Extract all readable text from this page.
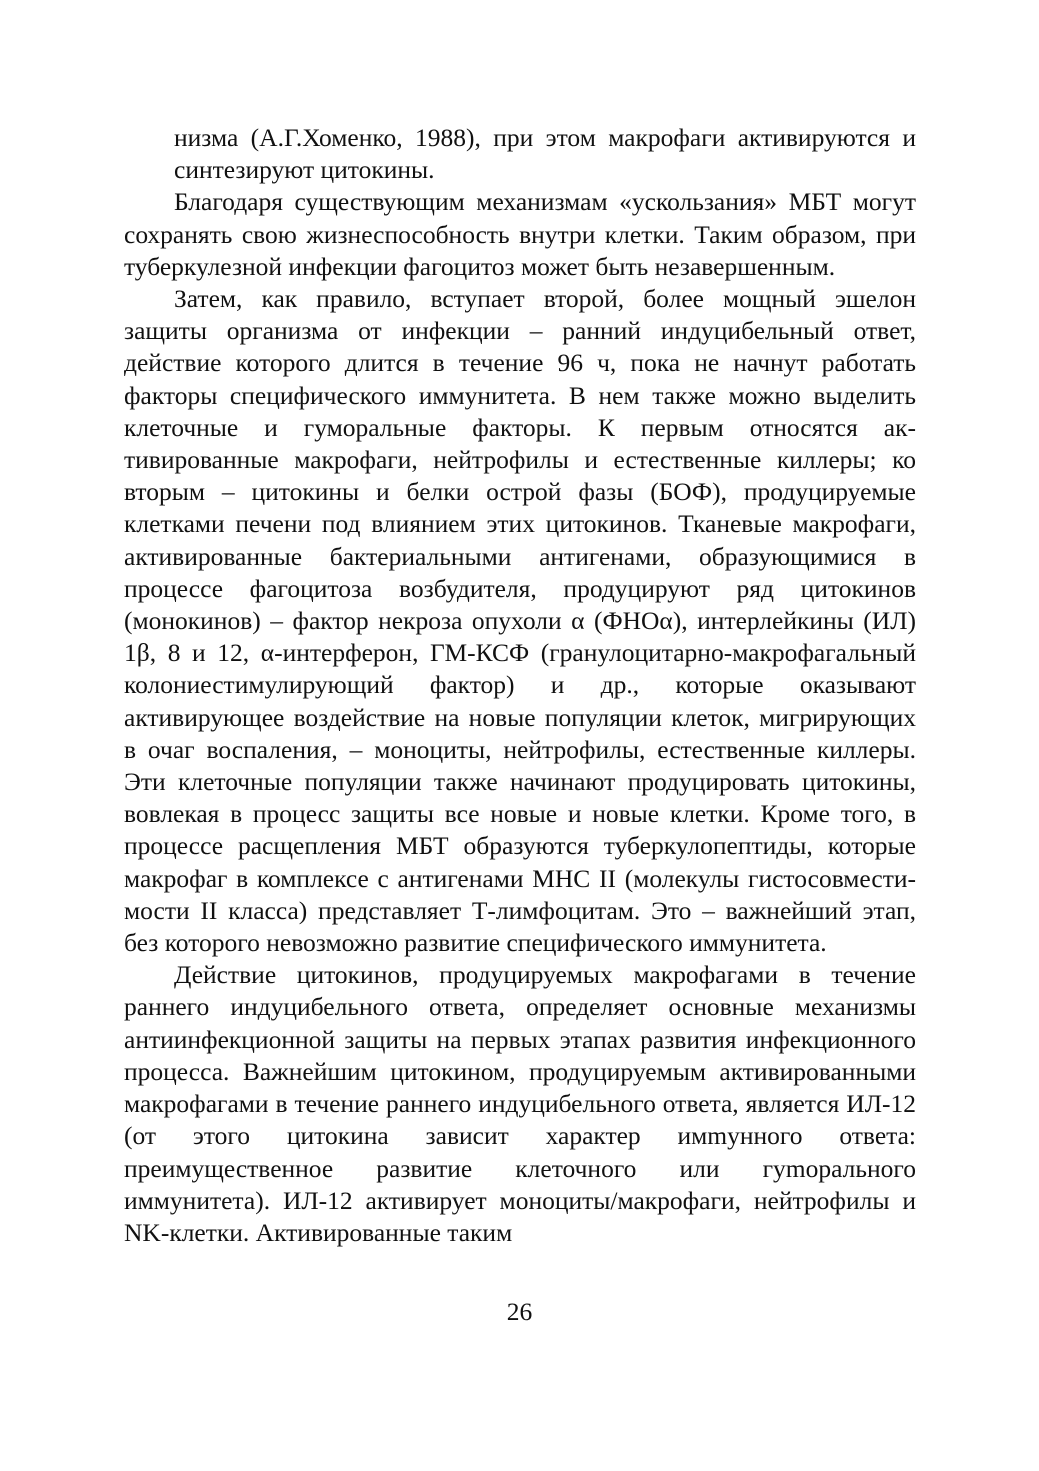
низма (А.Г.Хоменко, 1988), при этом макрофаги активируются и синтезируют цитокины.

Благодаря существующим механизмам «ускользания» МБТ могут сохранять свою жизнеспособность внутри клетки. Таким образом, при туберкулезной инфекции фагоцитоз может быть незавершенным.

Затем, как правило, вступает второй, более мощный эшелон защиты организма от инфекции – ранний индуцибельный ответ, действие которого длится в течение 96 ч, пока не начнут работать факторы специфического иммунитета. В нем также можно выделить клеточные и гуморальные факторы. К первым относятся активированные макрофаги, нейтрофилы и естественные киллеры; ко вторым – цитокины и белки острой фазы (БОФ), продуцируемые клетками печени под влиянием этих цитокинов. Тканевые макрофаги, активированные бактериальными антигенами, образующимися в процессе фагоцитоза возбудителя, продуцируют ряд цитокинов (монокинов) – фактор некроза опухоли α (ФНОα), интерлейкины (ИЛ) 1β, 8 и 12, α-интерферон, ГМ-КСФ (гранулоцитарно-макрофагальный колониестимулирующий фактор) и др., которые оказывают активирующее воздействие на новые популяции клеток, мигрирующих в очаг воспаления, – моноциты, нейтрофилы, естественные киллеры. Эти клеточные популяции также начинают продуцировать цитокины, вовлекая в процесс защиты все новые и новые клетки. Кроме того, в процессе расщепления МБТ образуются туберкулопептиды, которые макрофаг в комплексе с антигенами МНС II (молекулы гистосовместимости II класса) представляет Т-лимфоцитам. Это – важнейший этап, без которого невозможно развитие специфического иммунитета.

Действие цитокинов, продуцируемых макрофагами в течение раннего индуцибельного ответа, определяет основные механизмы антиинфекционной защиты на первых этапах развития инфекционного процесса. Важнейшим цитокином, продуцируемым активированными макрофагами в течение раннего индуцибельного ответа, является ИЛ-12 (от этого цитокина зависит характер имmунного ответа: преимущественное развитие клеточного или гуmорального иммунитета). ИЛ-12 активирует моноциты/макрофаги, нейтрофилы и NK-клетки. Активированные таким

26
